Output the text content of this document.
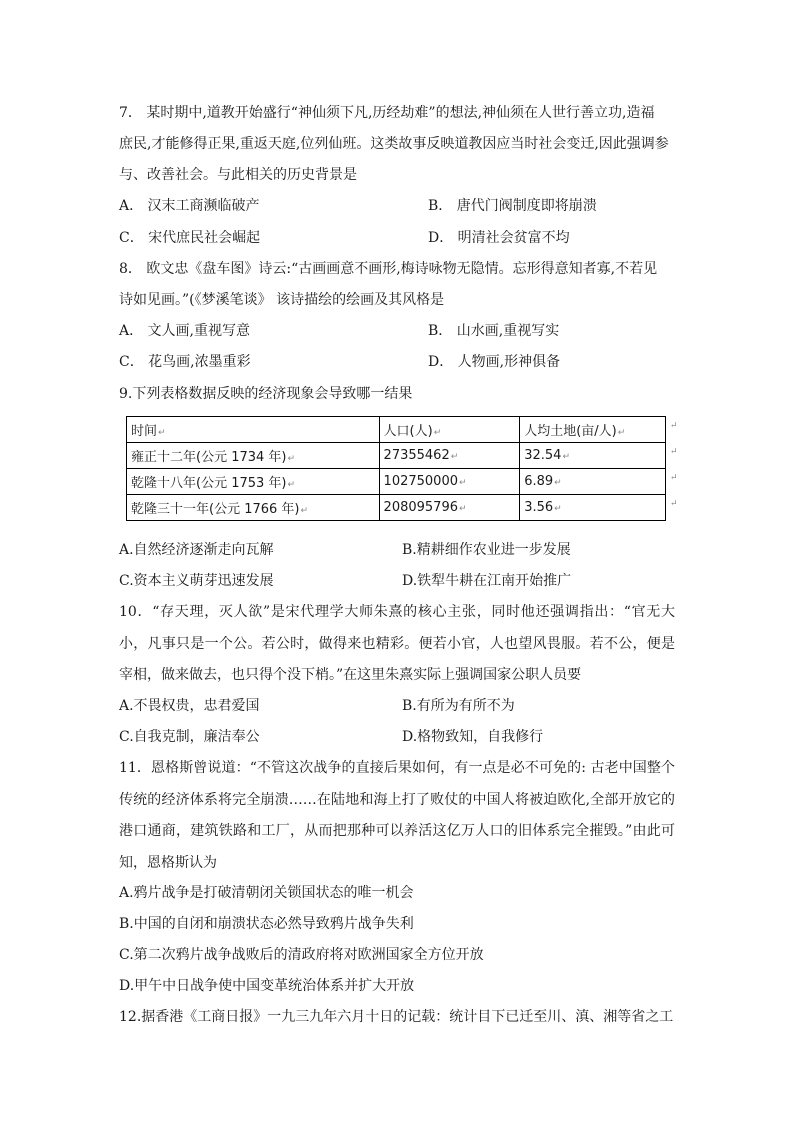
7． 某时期中,道教开始盛行“神仙须下凡,历经劫难”的想法,神仙须在人世行善立功,造福
庶民,才能修得正果,重返天庭,位列仙班。这类故事反映道教因应当时社会变迁,因此强调参
与、改善社会。与此相关的历史背景是
A． 汉末工商濒临破产	B． 唐代门阀制度即将崩溃
C． 宋代庶民社会崛起	D． 明清社会贫富不均
8． 欧文忠《盘车图》诗云:“古画画意不画形,梅诗咏物无隐情。忘形得意知者寡,不若见
诗如见画。”(《梦溪笔谈》 该诗描绘的绘画及其风格是
A． 文人画,重视写意	B． 山水画,重视写实
C． 花鸟画,浓墨重彩	D． 人物画,形神俱备
9.下列表格数据反映的经济现象会导致哪一结果
时间↵	人口(人)↵	人均土地(亩/人)↵
雍正十二年(公元 1734 年)↵	27355462↵	32.54↵
乾隆十八年(公元 1753 年)↵	102750000↵	6.89↵
乾隆三十一年(公元 1766 年)↵	208095796↵	3.56↵
↵
↵
↵
↵
A.自然经济逐渐走向瓦解	B.精耕细作农业进一步发展
C.资本主义萌芽迅速发展	D.铁犁牛耕在江南开始推广
10．“存天理，灭人欲”是宋代理学大师朱熹的核心主张，同时他还强调指出：“官无大小，凡事只是一个公。若公时，做得来也精彩。便若小官，人也望风畏服。若不公，便是宰相，做来做去，也只得个没下梢。”在这里朱熹实际上强调国家公职人员要
A.不畏权贵，忠君爱国	B.有所为有所不为
C.自我克制，廉洁奉公	D.格物致知，自我修行
11．恩格斯曾说道：“不管这次战争的直接后果如何，有一点是必不可免的: 古老中国整个传统的经济体系将完全崩溃……在陆地和海上打了败仗的中国人将被迫欧化,全部开放它的港口通商，建筑铁路和工厂，从而把那种可以养活这亿万人口的旧体系完全摧毁。”由此可知，恩格斯认为
A.鸦片战争是打破清朝闭关锁国状态的唯一机会
B.中国的自闭和崩溃状态必然导致鸦片战争失利
C.第二次鸦片战争战败后的清政府将对欧洲国家全方位开放
D.甲午中日战争使中国变革统治体系并扩大开放
12.据香港《工商日报》一九三九年六月十日的记载：统计目下已迁至川、滇、湘等省之工
